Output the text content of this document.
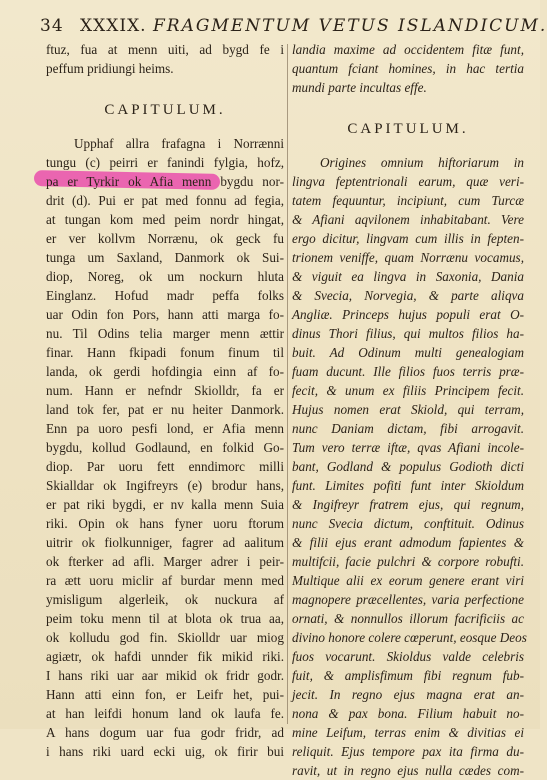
34 XXXIX. FRAGMENTUM VETUS ISLANDICUM.
ftuz, fua at menn uiti, ad bygd fe i
peffum pridiungi heims.
CAPITULUM.
Upphaf allra frafagna i Norrænni
tungu (c) peirri er fanindi fylgia, hofz,
pa er Tyrkir ok Afia menn bygdu nor-
drit (d). Pui er pat med fonnu ad fegia,
at tungan kom med peim nordr hingat,
er ver kollvm Norrænu, ok geck fu
tunga um Saxland, Danmork ok Sui-
diop, Noreg, ok um nockurn hluta
Einglanz. Hofud madr peffa folks
uar Odin fon Pors, hann atti marga fo-
nu. Til Odins telia marger menn ættir
finar. Hann fkipadi fonum finum til
landa, ok gerdi hofdingia einn af fo-
num. Hann er nefndr Skiolldr, fa er
land tok fer, pat er nu heiter Danmork.
Enn pa uoro pesfi lond, er Afia menn
bygdu, kollud Godlaund, en folkid Go-
diop. Par uoru fett enndimorc milli
Skialldar ok Ingifreyrs (e) brodur hans,
er pat riki bygdi, er nv kalla menn Suia
riki. Opin ok hans fyner uoru ftorum
uitrir ok fiolkunniger, fagrer ad aalitum
ok fterker ad afli. Marger adrer i peir-
ra ætt uoru miclir af burdar menn med
ymisligum algerleik, ok nuckura af
peim toku menn til at blota ok trua aa,
ok kolludu god fin. Skiolldr uar miog
agiætr, ok hafdi unnder fik mikid riki.
I hans riki uar aar mikid ok fridr godr.
Hann atti einn fon, er Leifr het, pui-
at han leifdi honum land ok laufa fe.
A hans dogum uar fua godr fridr, ad
i hans riki uard ecki uig, ok firir bui
landia maxime ad occidentem fitæ funt,
quantum fciant homines, in hac tertia
mundi parte incultas effe.
CAPITULUM.
Origines omnium hiftoriarum in
lingva feptentrionali earum, quæ veri-
tatem fequuntur, incipiunt, cum Turcæ
& Afiani aqvilonem inhabitabant. Vere
ergo dicitur, lingvam cum illis in fepten-
trionem veniffe, quam Norrænu vocamus,
& viguit ea lingva in Saxonia, Dania
& Svecia, Norvegia, & parte aliqva
Angliæ. Princeps hujus populi erat O-
dinus Thori filius, qui multos filios ha-
buit. Ad Odinum multi genealogiam
fuam ducunt. Ille filios fuos terris præ-
fecit, & unum ex filiis Principem fecit.
Hujus nomen erat Skiold, qui terram,
nunc Daniam dictam, fibi arrogavit.
Tum vero terræ iftæ, qvas Afiani incole-
bant, Godland & populus Godioth dicti
funt. Limites pofiti funt inter Skioldum
& Ingifreyr fratrem ejus, qui regnum,
nunc Svecia dictum, conftituit. Odinus
& filii ejus erant admodum fapientes &
multifcii, facie pulchri & corpore robufti.
Multique alii ex eorum genere erant viri
magnopere præcellentes, varia perfectione
ornati, & nonnullos illorum facrificiis ac
divino honore colere cœperunt, eosque Deos
fuos vocarunt. Skioldus valde celebris
fuit, & amplisfimum fibi regnum fub-
jecit. In regno ejus magna erat an-
nona & pax bona. Filium habuit no-
mine Leifum, terras enim & divitias ei
reliquit. Ejus tempore pax ita firma du-
ravit, ut in regno ejus nulla cædes com-
